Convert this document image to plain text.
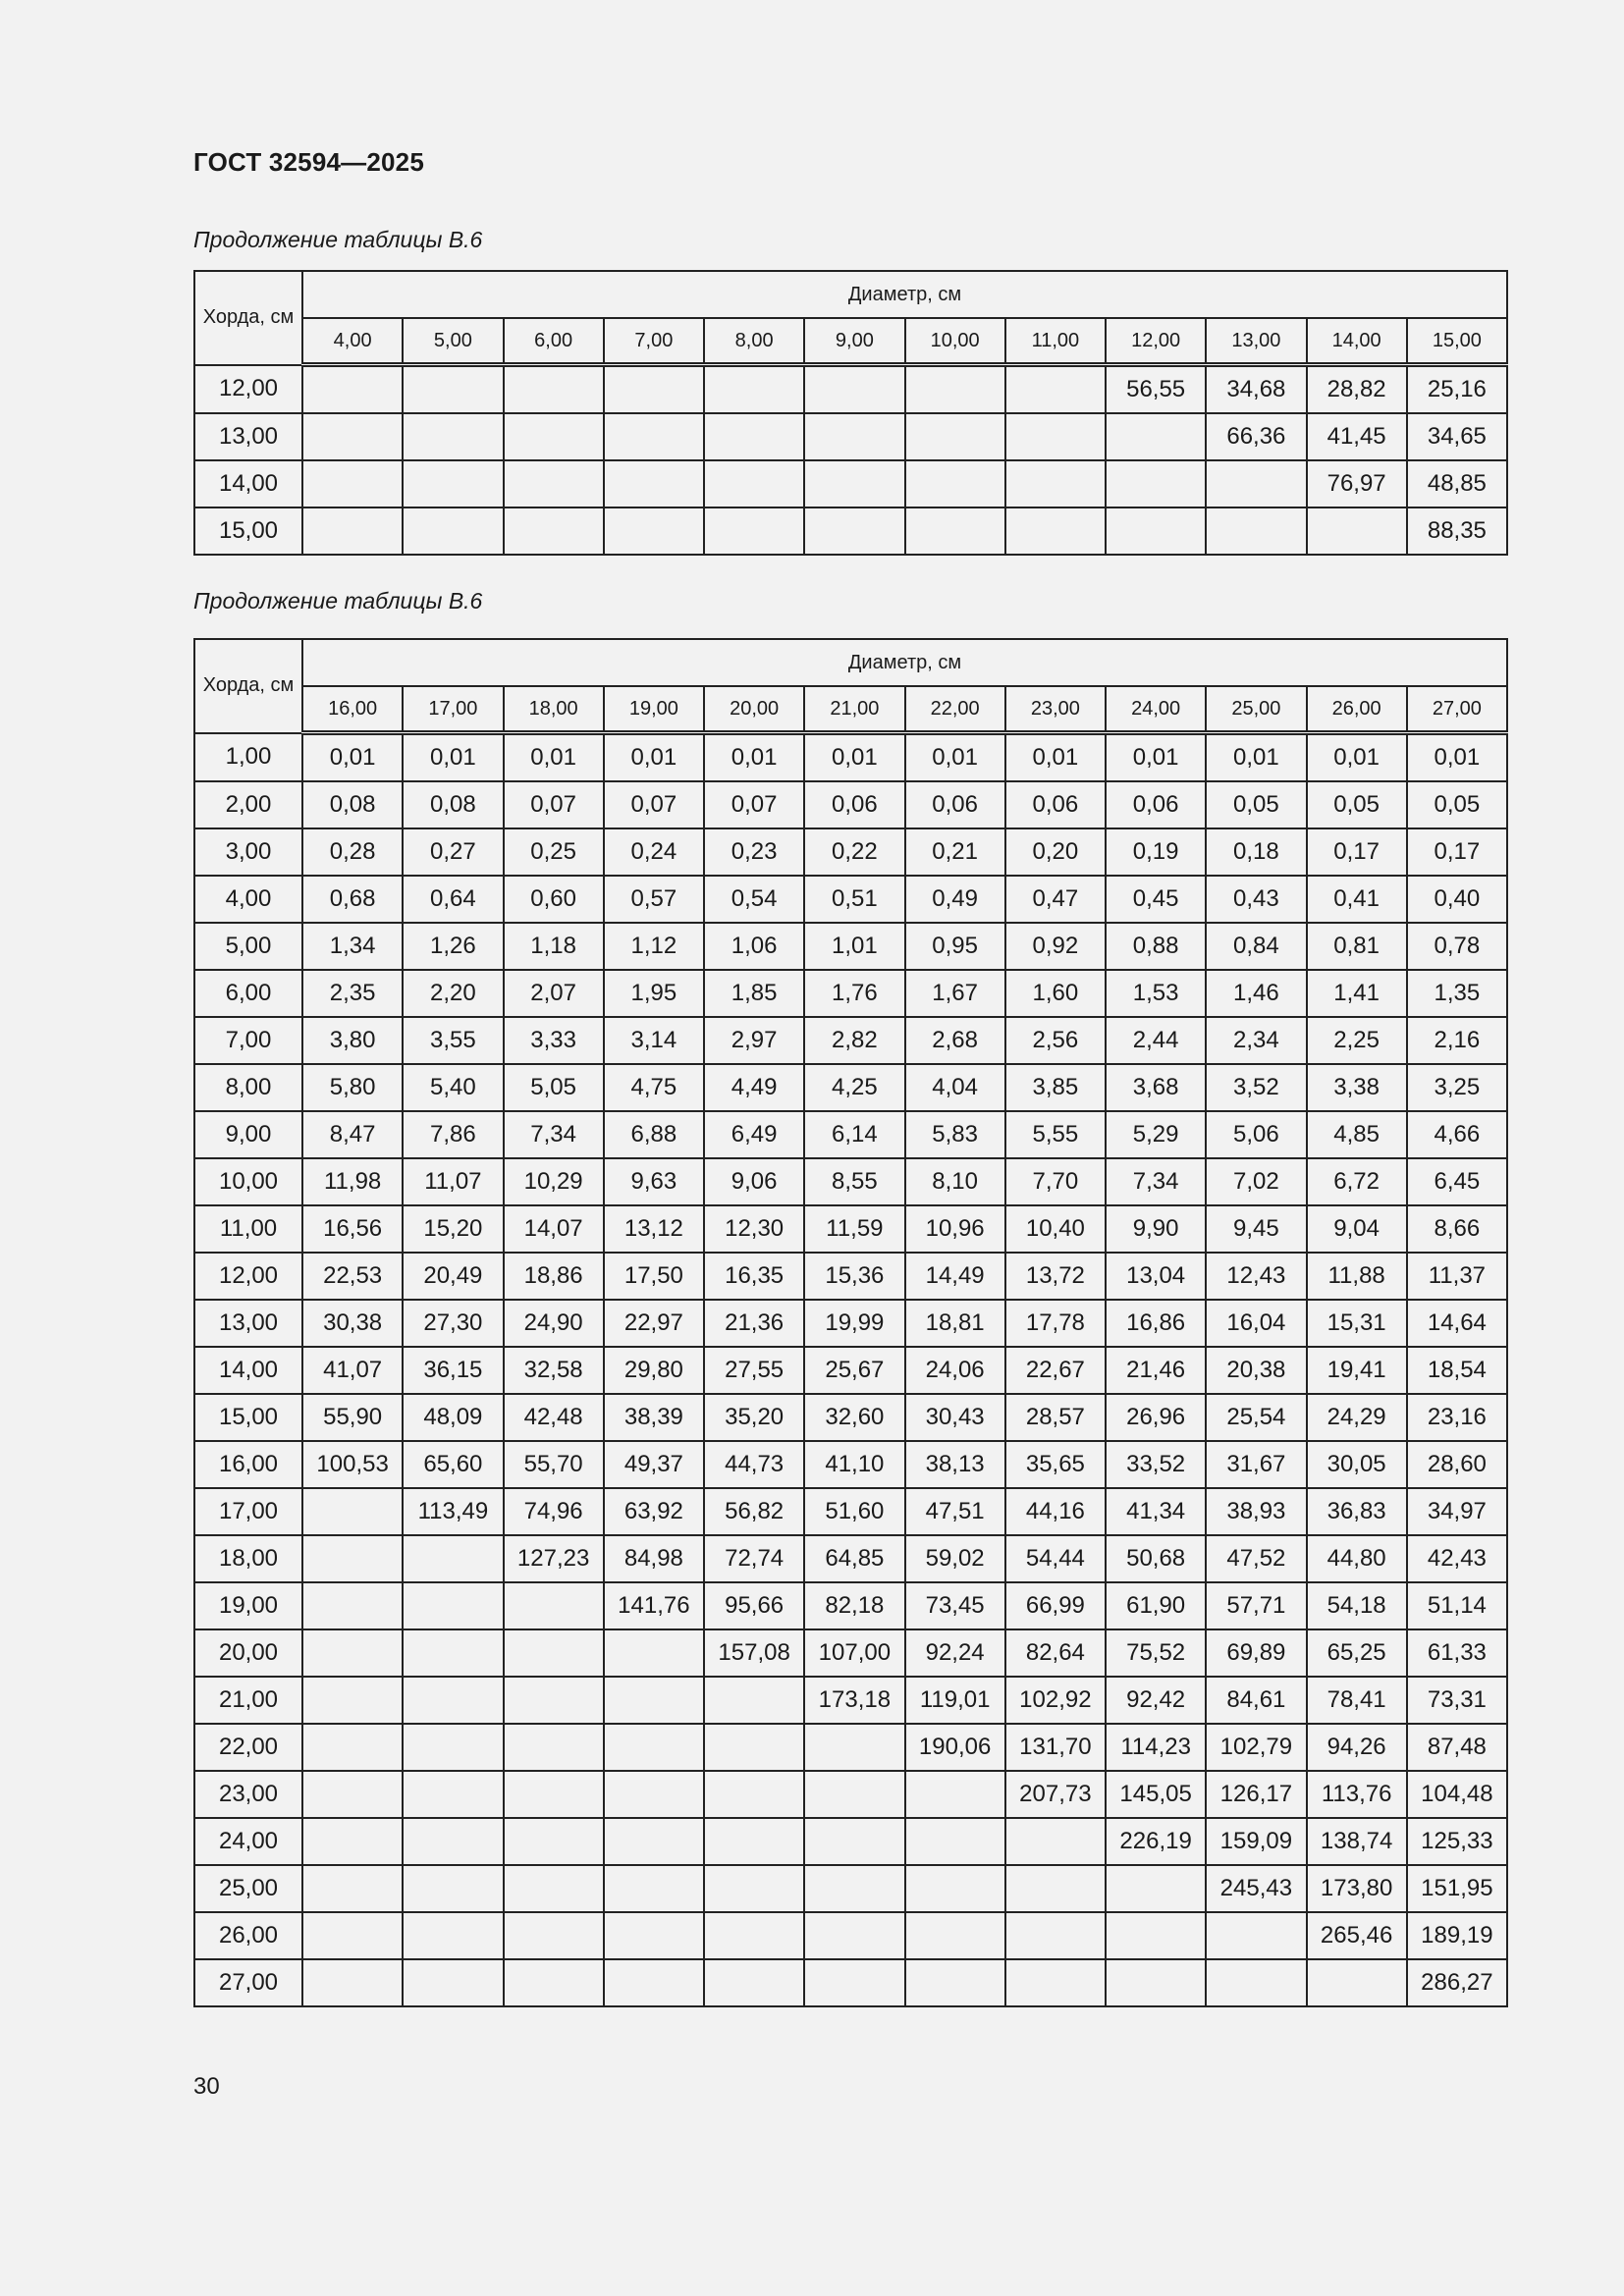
ГОСТ 32594—2025

Продолжение таблицы В.6

Хорда, см	Диаметр, см											
	4,00	5,00	6,00	7,00	8,00	9,00	10,00	11,00	12,00	13,00	14,00	15,00
12,00									56,55	34,68	28,82	25,16
13,00										66,36	41,45	34,65
14,00											76,97	48,85
15,00												88,35

Продолжение таблицы В.6

Хорда, см	Диаметр, см											
	16,00	17,00	18,00	19,00	20,00	21,00	22,00	23,00	24,00	25,00	26,00	27,00
1,00	0,01	0,01	0,01	0,01	0,01	0,01	0,01	0,01	0,01	0,01	0,01	0,01
2,00	0,08	0,08	0,07	0,07	0,07	0,06	0,06	0,06	0,06	0,05	0,05	0,05
3,00	0,28	0,27	0,25	0,24	0,23	0,22	0,21	0,20	0,19	0,18	0,17	0,17
4,00	0,68	0,64	0,60	0,57	0,54	0,51	0,49	0,47	0,45	0,43	0,41	0,40
5,00	1,34	1,26	1,18	1,12	1,06	1,01	0,95	0,92	0,88	0,84	0,81	0,78
6,00	2,35	2,20	2,07	1,95	1,85	1,76	1,67	1,60	1,53	1,46	1,41	1,35
7,00	3,80	3,55	3,33	3,14	2,97	2,82	2,68	2,56	2,44	2,34	2,25	2,16
8,00	5,80	5,40	5,05	4,75	4,49	4,25	4,04	3,85	3,68	3,52	3,38	3,25
9,00	8,47	7,86	7,34	6,88	6,49	6,14	5,83	5,55	5,29	5,06	4,85	4,66
10,00	11,98	11,07	10,29	9,63	9,06	8,55	8,10	7,70	7,34	7,02	6,72	6,45
11,00	16,56	15,20	14,07	13,12	12,30	11,59	10,96	10,40	9,90	9,45	9,04	8,66
12,00	22,53	20,49	18,86	17,50	16,35	15,36	14,49	13,72	13,04	12,43	11,88	11,37
13,00	30,38	27,30	24,90	22,97	21,36	19,99	18,81	17,78	16,86	16,04	15,31	14,64
14,00	41,07	36,15	32,58	29,80	27,55	25,67	24,06	22,67	21,46	20,38	19,41	18,54
15,00	55,90	48,09	42,48	38,39	35,20	32,60	30,43	28,57	26,96	25,54	24,29	23,16
16,00	100,53	65,60	55,70	49,37	44,73	41,10	38,13	35,65	33,52	31,67	30,05	28,60
17,00		113,49	74,96	63,92	56,82	51,60	47,51	44,16	41,34	38,93	36,83	34,97
18,00			127,23	84,98	72,74	64,85	59,02	54,44	50,68	47,52	44,80	42,43
19,00				141,76	95,66	82,18	73,45	66,99	61,90	57,71	54,18	51,14
20,00					157,08	107,00	92,24	82,64	75,52	69,89	65,25	61,33
21,00						173,18	119,01	102,92	92,42	84,61	78,41	73,31
22,00							190,06	131,70	114,23	102,79	94,26	87,48
23,00								207,73	145,05	126,17	113,76	104,48
24,00									226,19	159,09	138,74	125,33
25,00										245,43	173,80	151,95
26,00											265,46	189,19
27,00												286,27

30
